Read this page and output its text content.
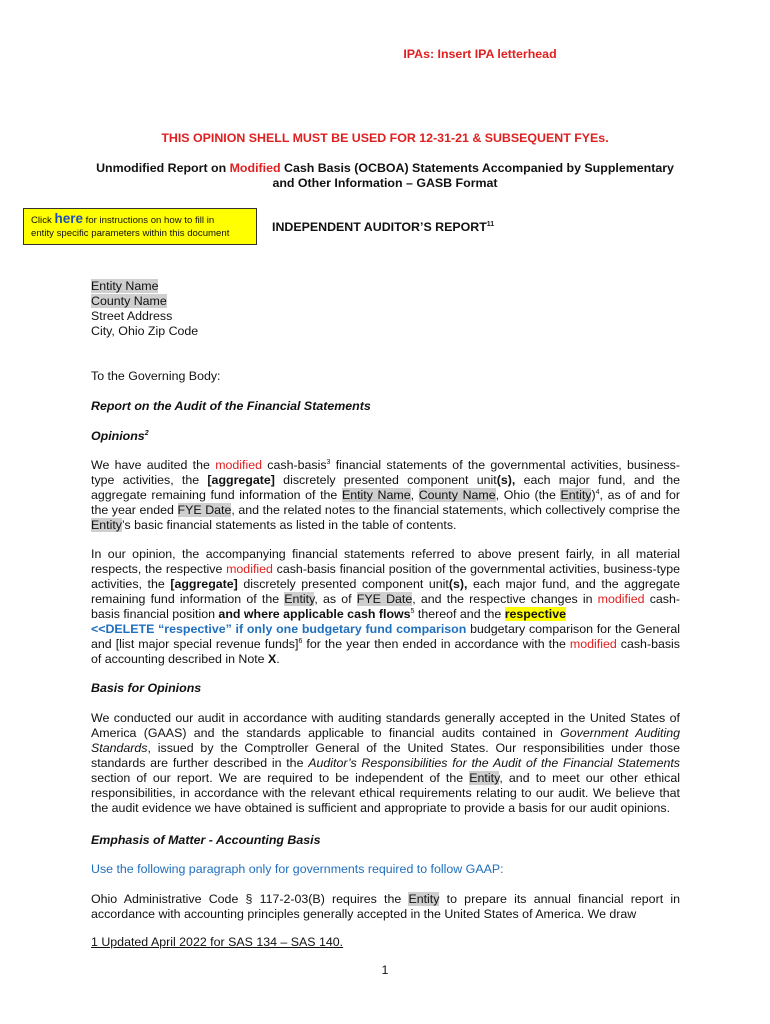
IPAs: Insert IPA letterhead
THIS OPINION SHELL MUST BE USED FOR 12-31-21 & SUBSEQUENT FYEs.
Unmodified Report on Modified Cash Basis (OCBOA) Statements Accompanied by Supplementary
and Other Information – GASB Format
Click here for instructions on how to fill in
entity specific parameters within this document	INDEPENDENT AUDITOR’S REPORT$^{11}$
Entity Name
County Name
Street Address
City, Ohio Zip Code
To the Governing Body:
Report on the Audit of the Financial Statements
Opinions$^2$
We have audited the modified cash-basis$^3$ financial statements of the governmental activities, business-type activities, the [aggregate] discretely presented component unit(s), each major fund, and the aggregate remaining fund information of the Entity Name, County Name, Ohio (the Entity)$^4$, as of and for the year ended FYE Date, and the related notes to the financial statements, which collectively comprise the Entity’s basic financial statements as listed in the table of contents.
In our opinion, the accompanying financial statements referred to above present fairly, in all material respects, the respective modified cash-basis financial position of the governmental activities, business-type activities, the [aggregate] discretely presented component unit(s), each major fund, and the aggregate remaining fund information of the Entity, as of FYE Date, and the respective changes in modified cash-basis financial position and where applicable cash flows$^5$ thereof and the respective
<<DELETE “respective” if only one budgetary fund comparison budgetary comparison for the General and [list major special revenue funds]$^6$ for the year then ended in accordance with the modified cash-basis of accounting described in Note X.
Basis for Opinions
We conducted our audit in accordance with auditing standards generally accepted in the United States of America (GAAS) and the standards applicable to financial audits contained in Government Auditing Standards, issued by the Comptroller General of the United States. Our responsibilities under those standards are further described in the Auditor’s Responsibilities for the Audit of the Financial Statements section of our report. We are required to be independent of the Entity, and to meet our other ethical responsibilities, in accordance with the relevant ethical requirements relating to our audit. We believe that the audit evidence we have obtained is sufficient and appropriate to provide a basis for our audit opinions.
Emphasis of Matter - Accounting Basis
Use the following paragraph only for governments required to follow GAAP:
Ohio Administrative Code § 117-2-03(B) requires the Entity to prepare its annual financial report in accordance with accounting principles generally accepted in the United States of America. We draw
1 Updated April 2022 for SAS 134 – SAS 140.
1
